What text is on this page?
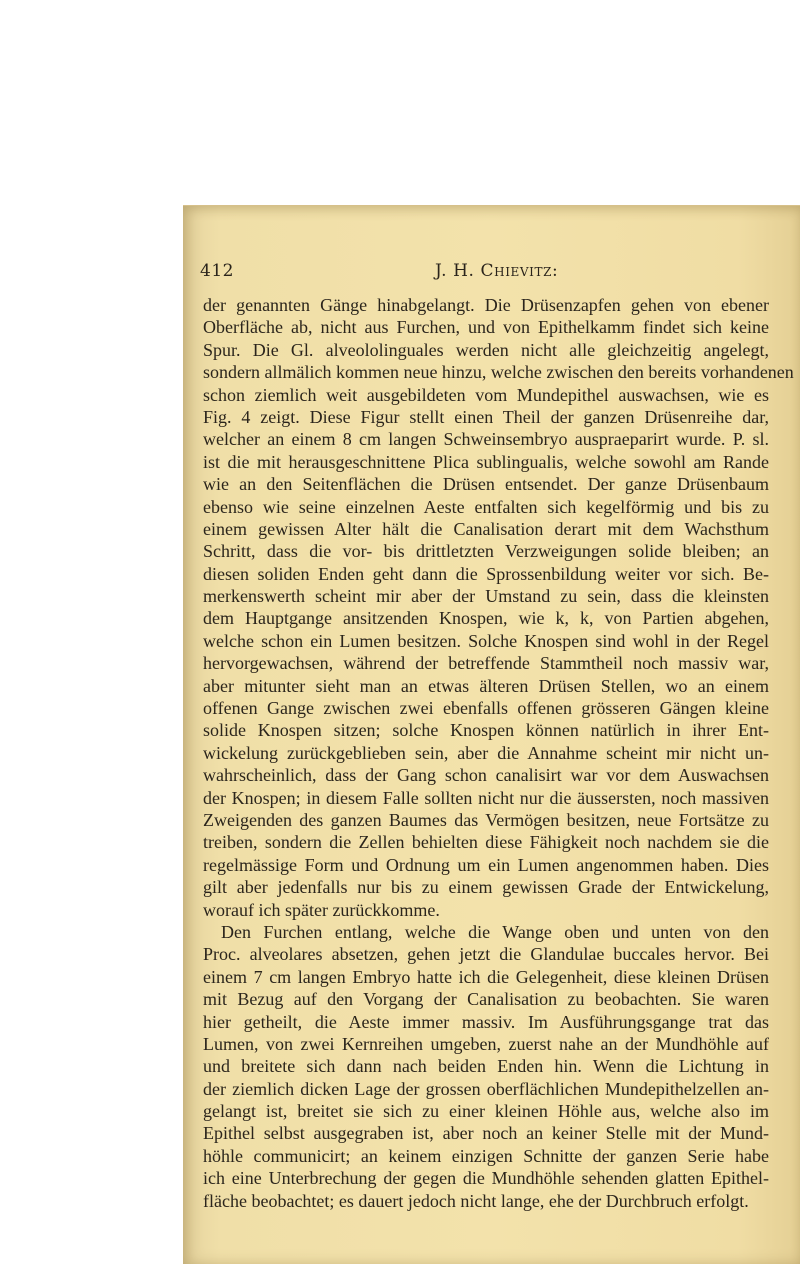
412	J. H. Chievitz:
der genannten Gänge hinabgelangt. Die Drüsenzapfen gehen von ebener
Oberfläche ab, nicht aus Furchen, und von Epithelkamm findet sich keine
Spur. Die Gl. alveololinguales werden nicht alle gleichzeitig angelegt,
sondern allmälich kommen neue hinzu, welche zwischen den bereits vorhandenen
schon ziemlich weit ausgebildeten vom Mundepithel auswachsen, wie es
Fig. 4 zeigt. Diese Figur stellt einen Theil der ganzen Drüsenreihe dar,
welcher an einem 8 cm langen Schweinsembryo auspraeparirt wurde. P. sl.
ist die mit herausgeschnittene Plica sublingualis, welche sowohl am Rande
wie an den Seitenflächen die Drüsen entsendet. Der ganze Drüsenbaum
ebenso wie seine einzelnen Aeste entfalten sich kegelförmig und bis zu
einem gewissen Alter hält die Canalisation derart mit dem Wachsthum
Schritt, dass die vor- bis drittletzten Verzweigungen solide bleiben; an
diesen soliden Enden geht dann die Sprossenbildung weiter vor sich. Be-
merkenswerth scheint mir aber der Umstand zu sein, dass die kleinsten
dem Hauptgange ansitzenden Knospen, wie k, k, von Partien abgehen,
welche schon ein Lumen besitzen. Solche Knospen sind wohl in der Regel
hervorgewachsen, während der betreffende Stammtheil noch massiv war,
aber mitunter sieht man an etwas älteren Drüsen Stellen, wo an einem
offenen Gange zwischen zwei ebenfalls offenen grösseren Gängen kleine
solide Knospen sitzen; solche Knospen können natürlich in ihrer Ent-
wickelung zurückgeblieben sein, aber die Annahme scheint mir nicht un-
wahrscheinlich, dass der Gang schon canalisirt war vor dem Auswachsen
der Knospen; in diesem Falle sollten nicht nur die äussersten, noch massiven
Zweigenden des ganzen Baumes das Vermögen besitzen, neue Fortsätze zu
treiben, sondern die Zellen behielten diese Fähigkeit noch nachdem sie die
regelmässige Form und Ordnung um ein Lumen angenommen haben. Dies
gilt aber jedenfalls nur bis zu einem gewissen Grade der Entwickelung,
worauf ich später zurückkomme.
Den Furchen entlang, welche die Wange oben und unten von den
Proc. alveolares absetzen, gehen jetzt die Glandulae buccales hervor. Bei
einem 7 cm langen Embryo hatte ich die Gelegenheit, diese kleinen Drüsen
mit Bezug auf den Vorgang der Canalisation zu beobachten. Sie waren
hier getheilt, die Aeste immer massiv. Im Ausführungsgange trat das
Lumen, von zwei Kernreihen umgeben, zuerst nahe an der Mundhöhle auf
und breitete sich dann nach beiden Enden hin. Wenn die Lichtung in
der ziemlich dicken Lage der grossen oberflächlichen Mundepithelzellen an-
gelangt ist, breitet sie sich zu einer kleinen Höhle aus, welche also im
Epithel selbst ausgegraben ist, aber noch an keiner Stelle mit der Mund-
höhle communicirt; an keinem einzigen Schnitte der ganzen Serie habe
ich eine Unterbrechung der gegen die Mundhöhle sehenden glatten Epithel-
fläche beobachtet; es dauert jedoch nicht lange, ehe der Durchbruch erfolgt.
